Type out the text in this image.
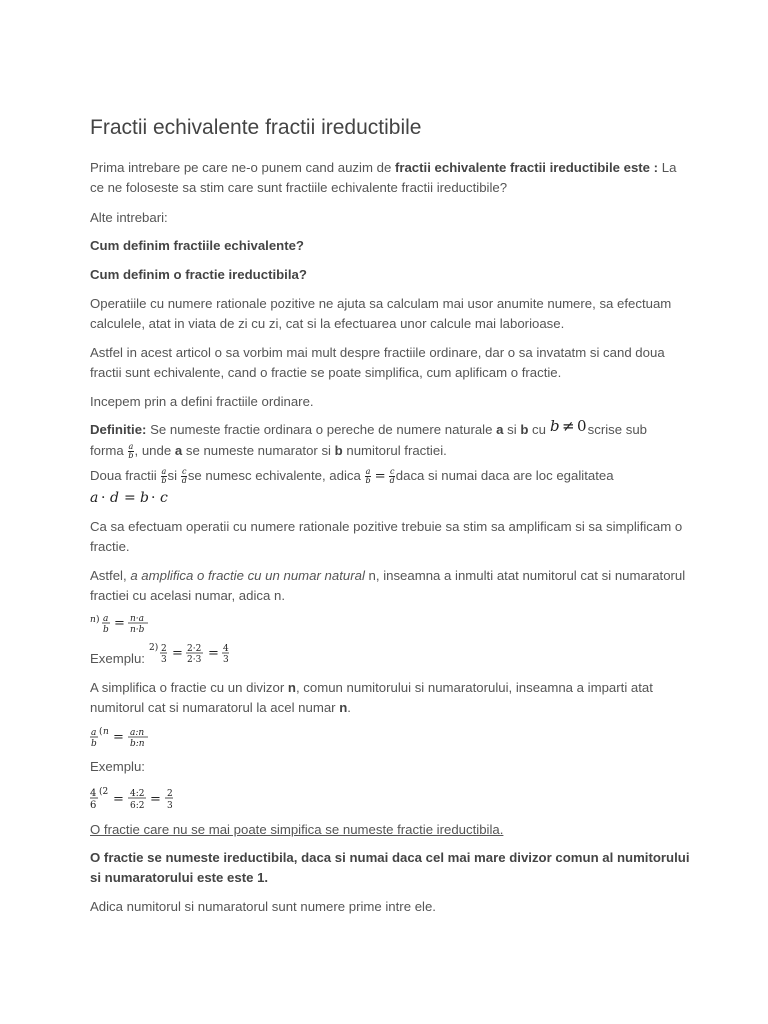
Fractii echivalente fractii ireductibile

Prima intrebare pe care ne-o punem cand auzim de fractii echivalente fractii ireductibile este : La ce ne foloseste sa stim care sunt fractiile echivalente fractii ireductibile?

Alte intrebari:

Cum definim fractiile echivalente?

Cum definim o fractie ireductibila?

Operatiile cu numere rationale pozitive ne ajuta sa calculam mai usor anumite numere, sa efectuam calculele, atat in viata de zi cu zi, cat si la efectuarea unor calcule mai laborioase.

Astfel in acest articol o sa vorbim mai mult despre fractiile ordinare, dar o sa invatatm si cand doua fractii sunt echivalente, cand o fractie se poate simplifica, cum aplificam o fractie.

Incepem prin a defini fractiile ordinare.

Definitie: Se numeste fractie ordinara o pereche de numere naturale a si b cu b ≠ 0 scrise sub

forma $\frac{a}{b}$ , unde a se numeste numarator si b numitorul fractiei.

Doua fractii $\frac{a}{b}$ si $\frac{c}{d}$ se numesc echivalente, adica $\frac{a}{b} = \frac{c}{d}$ daca si numai daca are loc egalitatea

a · d = b · c

Ca sa efectuam operatii cu numere rationale pozitive trebuie sa stim sa amplificam si sa simplificam o fractie.

Astfel, a amplifica o fractie cu un numar natural n, inseamna a inmulti atat numitorul cat si numaratorul fractiei cu acelasi numar, adica n.

n ) a
b = n·a
n·b
$_{Exemplu:}$
2) 2
3 = 2·2
2·3 = 4
3

A simplifica o fractie cu un divizor n, comun numitorului si numaratorului, inseamna a imparti atat numitorul cat si numaratorul la acel numar n.

a
b
( n = a:n
b:n

Exemplu:

4
6
(2 = 4:2
6:2 = 2
3

O fractie care nu se mai poate simpifica se numeste fractie ireductibila.

O fractie se numeste ireductibila, daca si numai daca cel mai mare divizor comun al numitorului si numaratorului este este 1.

Adica numitorul si numaratorul sunt numere prime intre ele.
